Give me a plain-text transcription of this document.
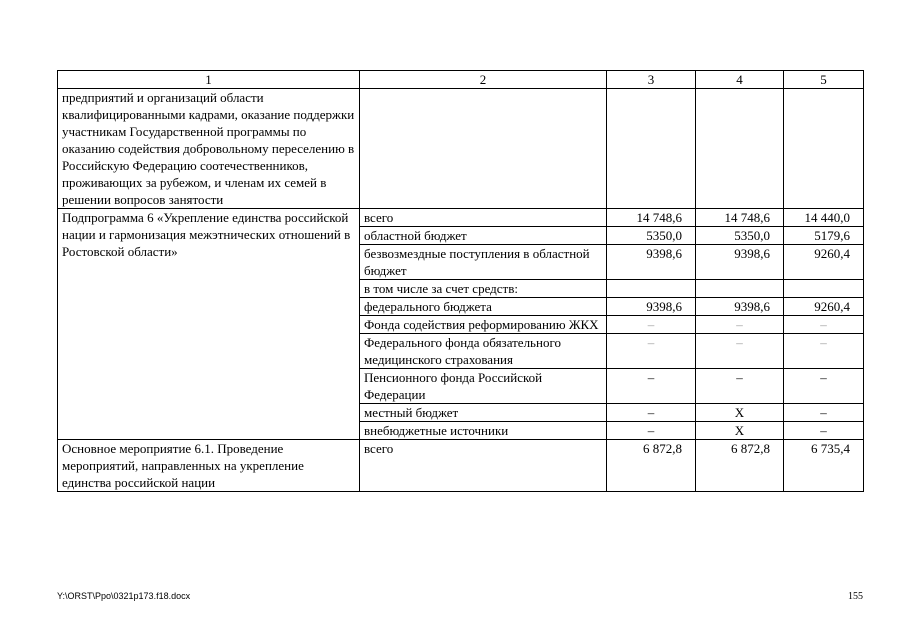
1	2	3	4	5
предприятий и организаций области квалифицированными кадрами, оказание поддержки участникам Государственной программы по оказанию содействия добровольному переселению в Российскую Федерацию соотечественников, проживающих за рубежом, и членам их семей в решении вопросов занятости				
Подпрограмма 6 «Укрепление единства российской нации и гармонизация межэтнических отношений в Ростовской области»	всего	14 748,6	14 748,6	14 440,0
	областной бюджет	5350,0	5350,0	5179,6
	безвозмездные поступления в областной бюджет	9398,6	9398,6	9260,4
	в том числе за счет средств:			
	федерального бюджета	9398,6	9398,6	9260,4
	Фонда содействия реформированию ЖКХ	–	–	–
	Федерального фонда обязательного медицинского страхования	–	–	–
	Пенсионного фонда Российской Федерации	–	–	–
	местный бюджет	–	Х	–
	внебюджетные источники	–	Х	–
Основное мероприятие 6.1. Проведение мероприятий, направленных на укрепление единства российской нации	всего	6 872,8	6 872,8	6 735,4
Y:\ORST\Ppo\0321p173.f18.docx	155
